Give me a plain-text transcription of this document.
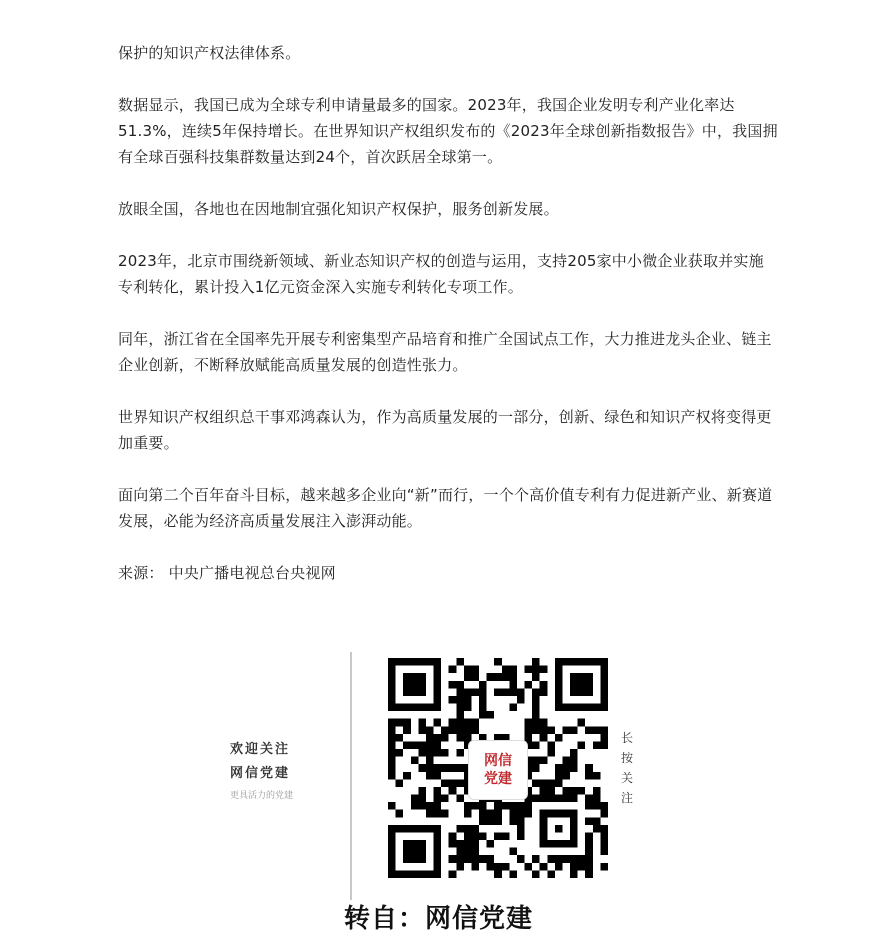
保护的知识产权法律体系。

数据显示，我国已成为全球专利申请量最多的国家。2023年，我国企业发明专利产业化率达51.3%，连续5年保持增长。在世界知识产权组织发布的《2023年全球创新指数报告》中，我国拥有全球百强科技集群数量达到24个，首次跃居全球第一。

放眼全国，各地也在因地制宜强化知识产权保护，服务创新发展。

2023年，北京市围绕新领域、新业态知识产权的创造与运用，支持205家中小微企业获取并实施专利转化，累计投入1亿元资金深入实施专利转化专项工作。

同年，浙江省在全国率先开展专利密集型产品培育和推广全国试点工作，大力推进龙头企业、链主企业创新，不断释放赋能高质量发展的创造性张力。

世界知识产权组织总干事邓鸿森认为，作为高质量发展的一部分，创新、绿色和知识产权将变得更加重要。

面向第二个百年奋斗目标，越来越多企业向“新”而行，一个个高价值专利有力促进新产业、新赛道发展，必能为经济高质量发展注入澎湃动能。

来源： 中央广播电视总台央视网

欢迎关注
网信党建
更具活力的党建
网信
党建
长
按
关
注
转自：网信党建
